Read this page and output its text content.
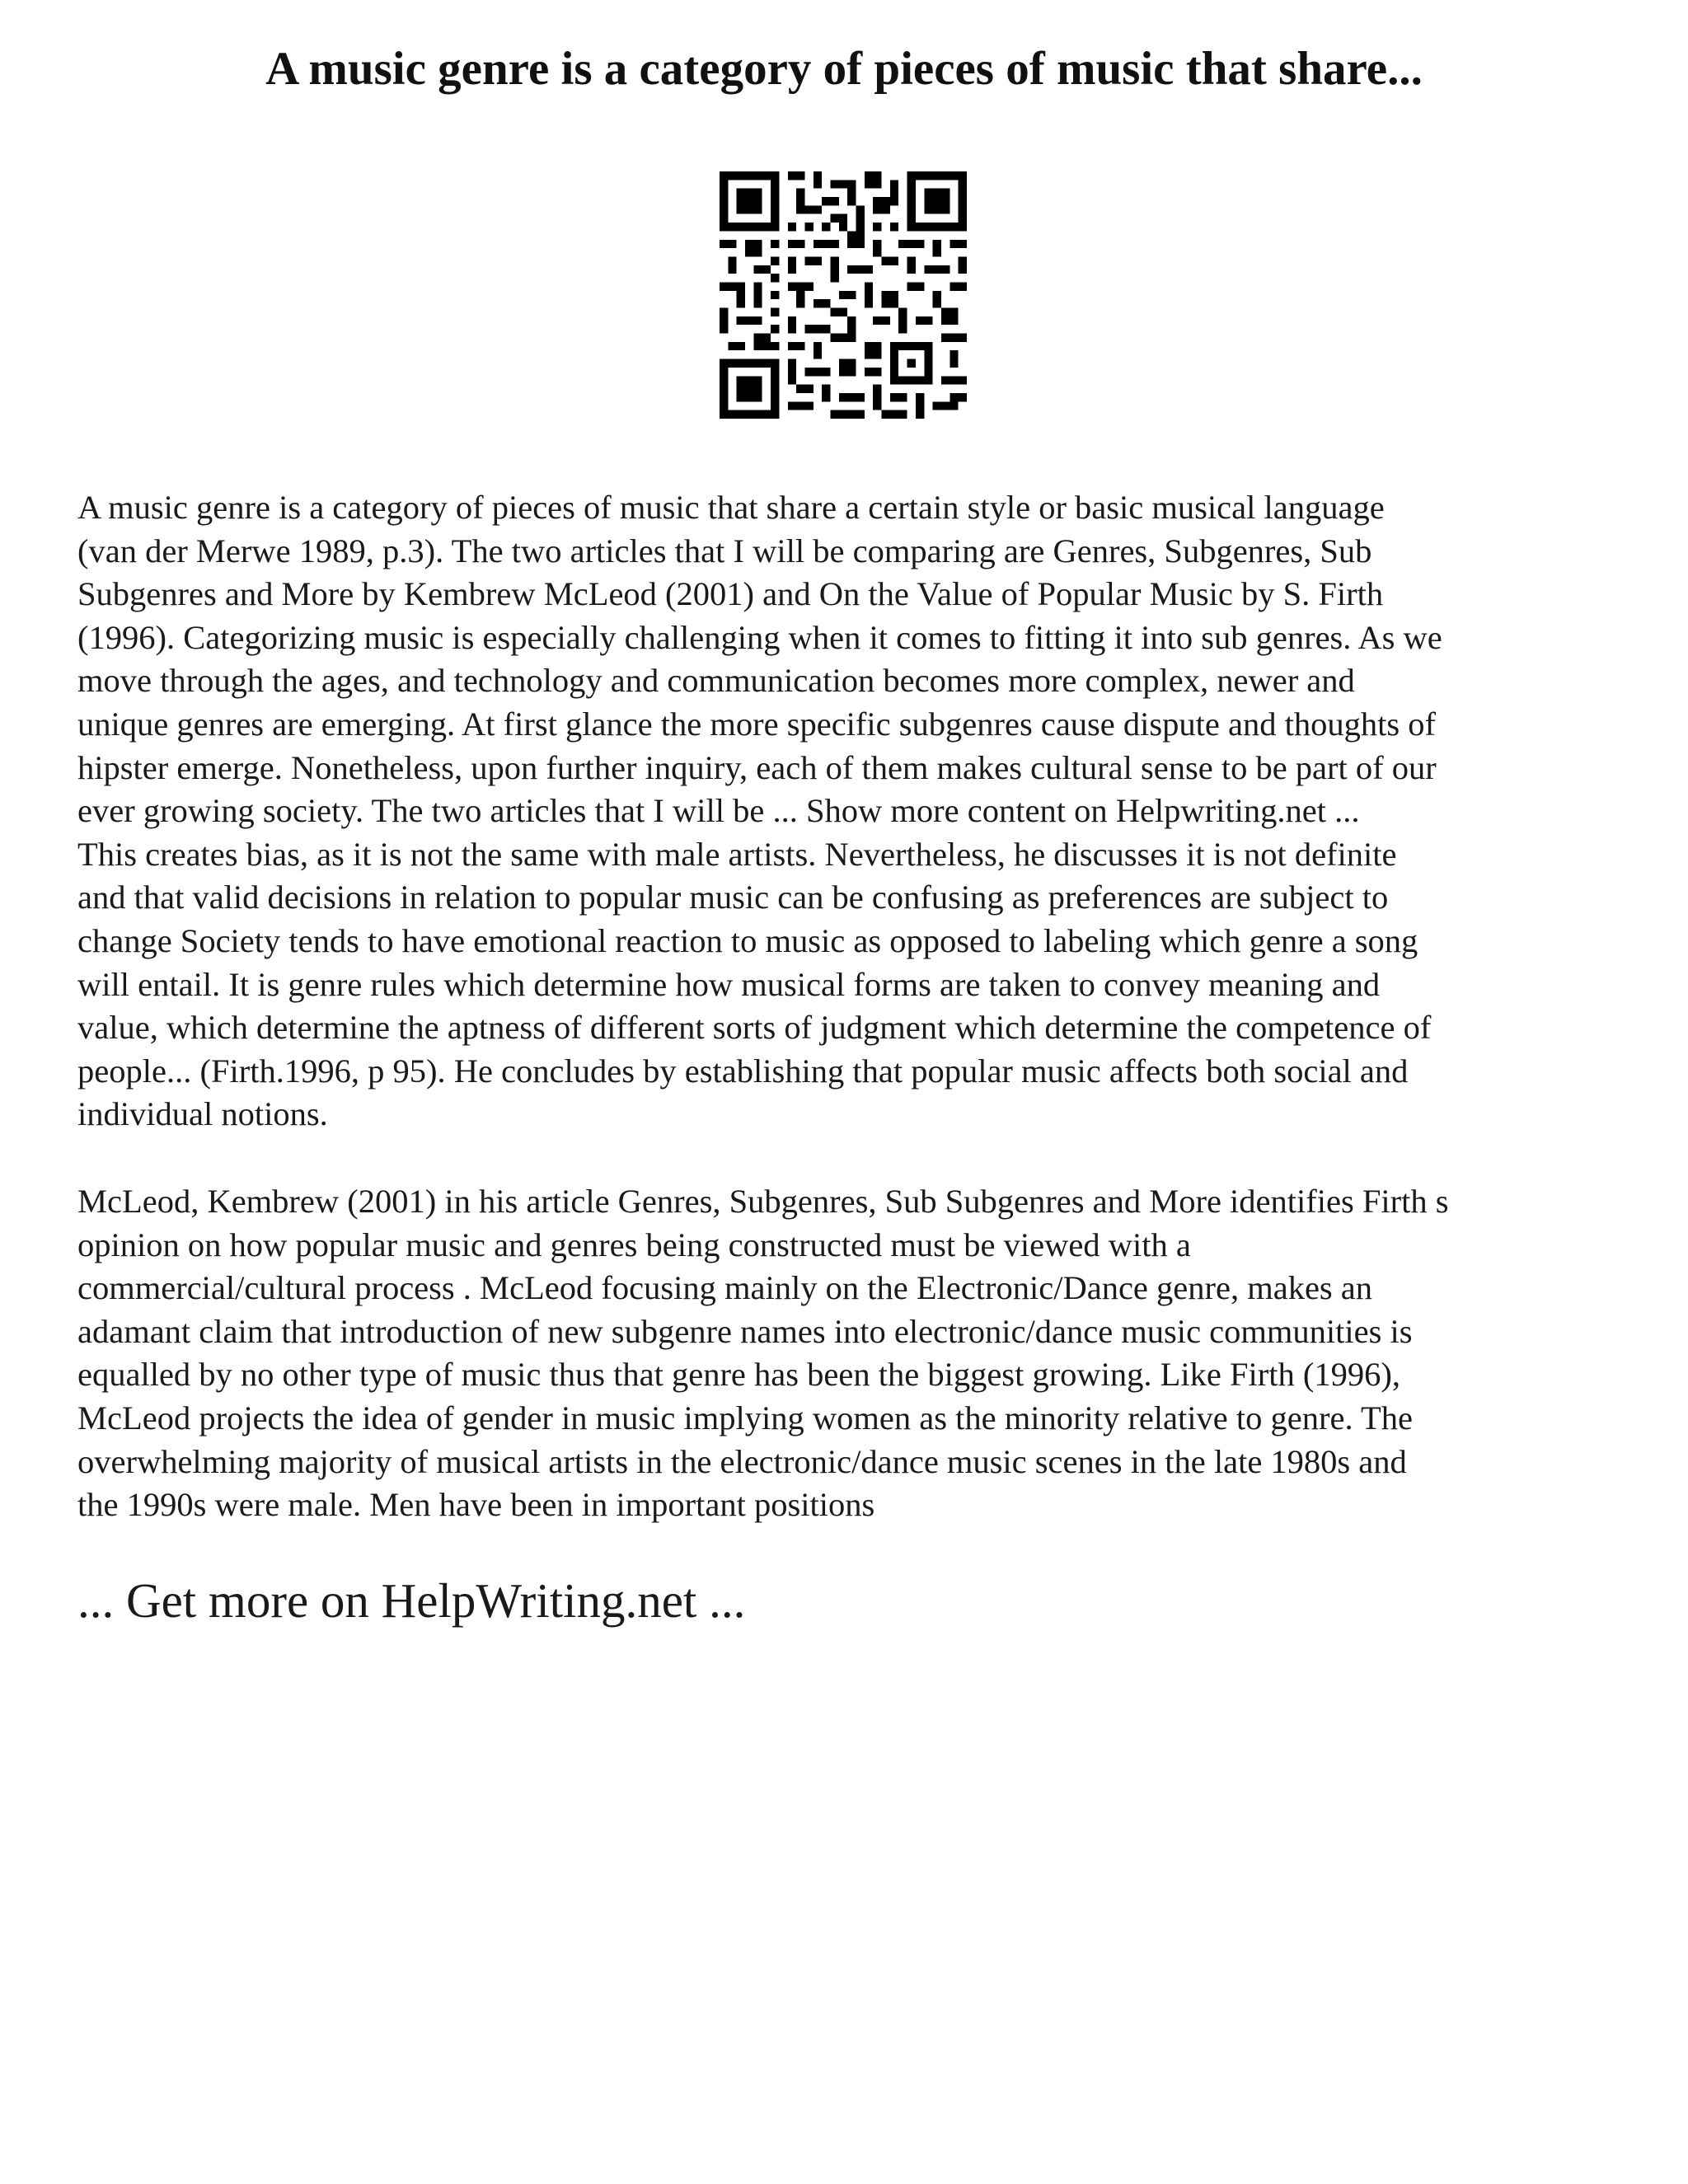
A music genre is a category of pieces of music that share...
A music genre is a category of pieces of music that share a certain style or basic musical language
(van der Merwe 1989, p.3). The two articles that I will be comparing are Genres, Subgenres, Sub
Subgenres and More by Kembrew McLeod (2001) and On the Value of Popular Music by S. Firth
(1996). Categorizing music is especially challenging when it comes to fitting it into sub genres. As we
move through the ages, and technology and communication becomes more complex, newer and
unique genres are emerging. At first glance the more specific subgenres cause dispute and thoughts of
hipster emerge. Nonetheless, upon further inquiry, each of them makes cultural sense to be part of our
ever growing society. The two articles that I will be ... Show more content on Helpwriting.net ...
This creates bias, as it is not the same with male artists. Nevertheless, he discusses it is not definite
and that valid decisions in relation to popular music can be confusing as preferences are subject to
change Society tends to have emotional reaction to music as opposed to labeling which genre a song
will entail. It is genre rules which determine how musical forms are taken to convey meaning and
value, which determine the aptness of different sorts of judgment which determine the competence of
people... (Firth.1996, p 95). He concludes by establishing that popular music affects both social and
individual notions.
McLeod, Kembrew (2001) in his article Genres, Subgenres, Sub Subgenres and More identifies Firth s
opinion on how popular music and genres being constructed must be viewed with a
commercial/cultural process . McLeod focusing mainly on the Electronic/Dance genre, makes an
adamant claim that introduction of new subgenre names into electronic/dance music communities is
equalled by no other type of music thus that genre has been the biggest growing. Like Firth (1996),
McLeod projects the idea of gender in music implying women as the minority relative to genre. The
overwhelming majority of musical artists in the electronic/dance music scenes in the late 1980s and
the 1990s were male. Men have been in important positions

... Get more on HelpWriting.net ...
